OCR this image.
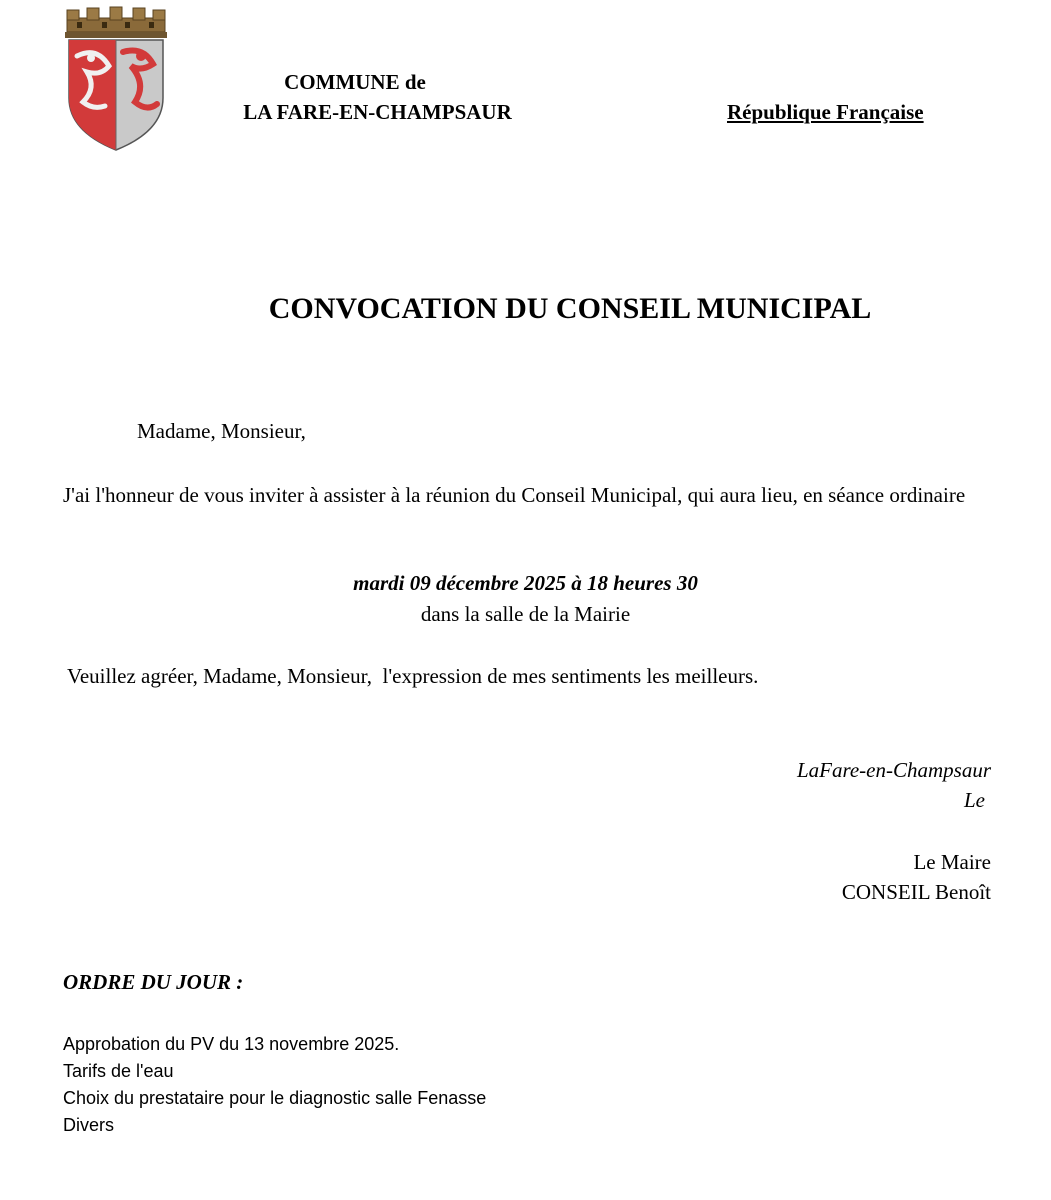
COMMUNE de
LA FARE-EN-CHAMPSAUR	République Française
CONVOCATION DU CONSEIL MUNICIPAL
Madame, Monsieur,
J'ai l'honneur de vous inviter à assister à la réunion du Conseil Municipal, qui aura lieu, en séance ordinaire
mardi 09 décembre 2025 à 18 heures 30
dans la salle de la Mairie
Veuillez agréer, Madame, Monsieur,  l'expression de mes sentiments les meilleurs.
LaFare-en-Champsaur
Le
Le Maire
CONSEIL Benoît
ORDRE DU JOUR :
Approbation du PV du 13 novembre 2025.
Tarifs de l'eau
Choix du prestataire pour le diagnostic salle Fenasse
Divers
